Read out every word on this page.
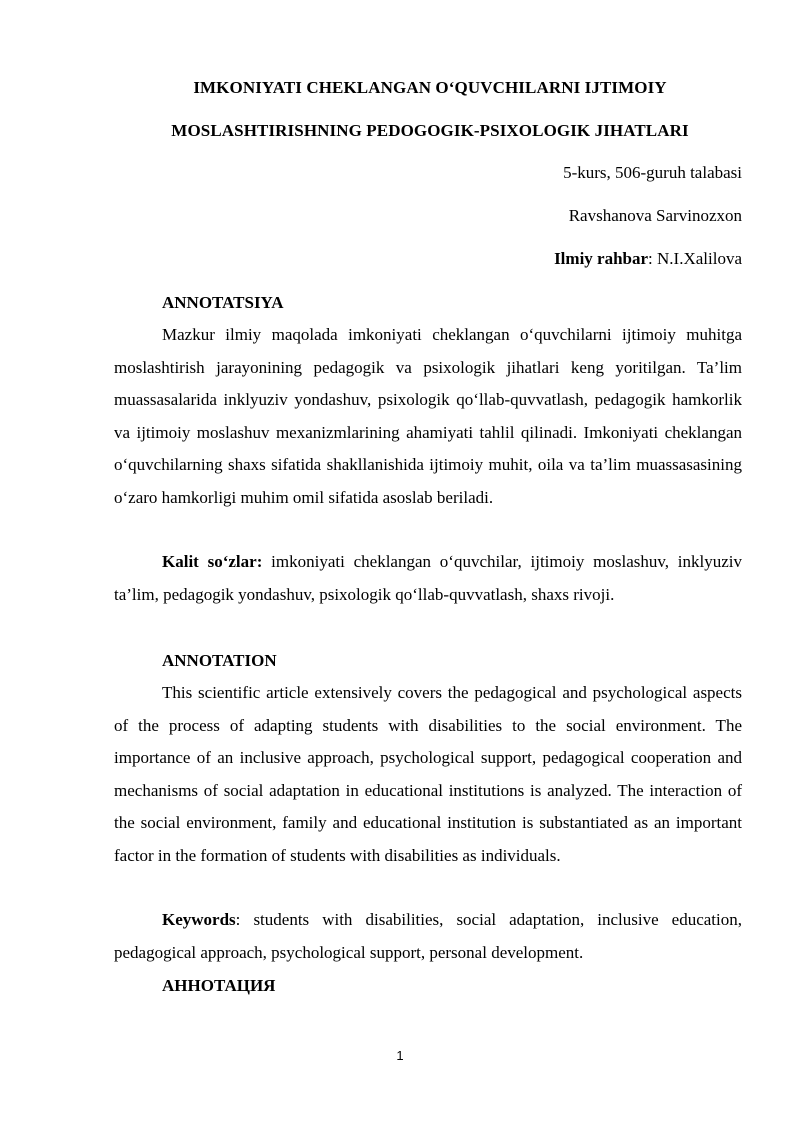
IMKONIYATI CHEKLANGAN O‘QUVCHILARNI IJTIMOIY
MOSLASHTIRISHNING PEDOGOGIK-PSIXOLOGIK JIHATLARI
5-kurs, 506-guruh talabasi
Ravshanova Sarvinozxon
Ilmiy rahbar: N.I.Xalilova
ANNOTATSIYA
Mazkur ilmiy maqolada imkoniyati cheklangan o‘quvchilarni ijtimoiy muhitga moslashtirish jarayonining pedagogik va psixologik jihatlari keng yoritilgan. Ta’lim muassasalarida inklyuziv yondashuv, psixologik qo‘llab-quvvatlash, pedagogik hamkorlik va ijtimoiy moslashuv mexanizmlarining ahamiyati tahlil qilinadi. Imkoniyati cheklangan o‘quvchilarning shaxs sifatida shakllanishida ijtimoiy muhit, oila va ta’lim muassasasining o‘zaro hamkorligi muhim omil sifatida asoslab beriladi.
Kalit so‘zlar: imkoniyati cheklangan o‘quvchilar, ijtimoiy moslashuv, inklyuziv ta’lim, pedagogik yondashuv, psixologik qo‘llab-quvvatlash, shaxs rivoji.
ANNOTATION
This scientific article extensively covers the pedagogical and psychological aspects of the process of adapting students with disabilities to the social environment. The importance of an inclusive approach, psychological support, pedagogical cooperation and mechanisms of social adaptation in educational institutions is analyzed. The interaction of the social environment, family and educational institution is substantiated as an important factor in the formation of students with disabilities as individuals.
Keywords: students with disabilities, social adaptation, inclusive education, pedagogical approach, psychological support, personal development.
АННОТАЦИЯ
1
